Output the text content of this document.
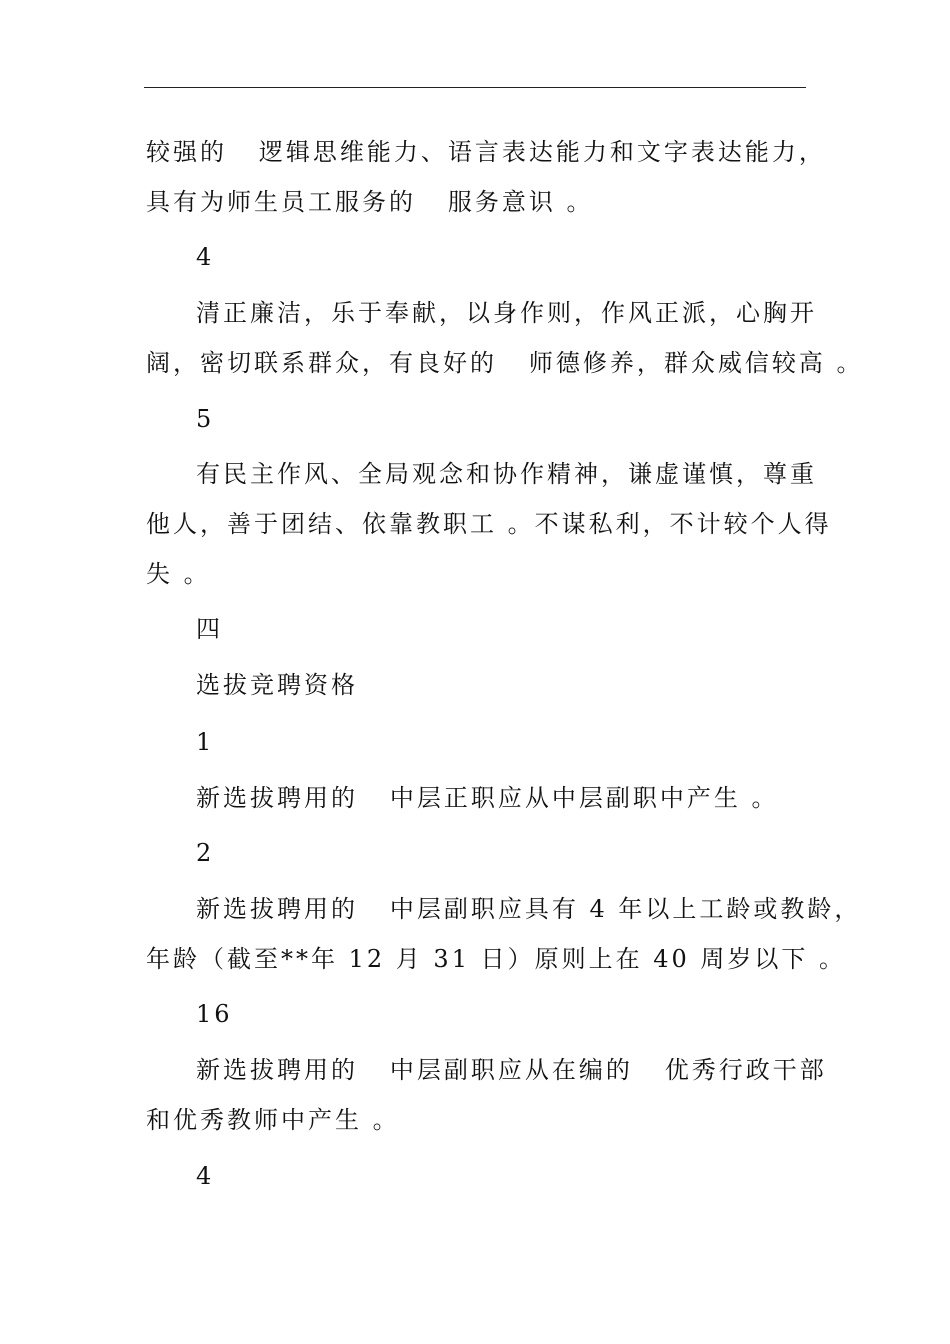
较强的   逻辑思维能力、语言表达能力和文字表达能力，
具有为师生员工服务的   服务意识 。
4
清正廉洁，乐于奉献，以身作则，作风正派，心胸开
阔，密切联系群众，有良好的   师德修养，群众威信较高 。
5
有民主作风、全局观念和协作精神，谦虚谨慎，尊重
他人，善于团结、依靠教职工 。不谋私利，不计较个人得
失 。
四
选拔竞聘资格
1
新选拔聘用的   中层正职应从中层副职中产生 。
2
新选拔聘用的   中层副职应具有 4 年以上工龄或教龄，
年龄（截至**年 12 月 31 日）原则上在 40 周岁以下 。
16
新选拔聘用的   中层副职应从在编的   优秀行政干部
和优秀教师中产生 。
4
